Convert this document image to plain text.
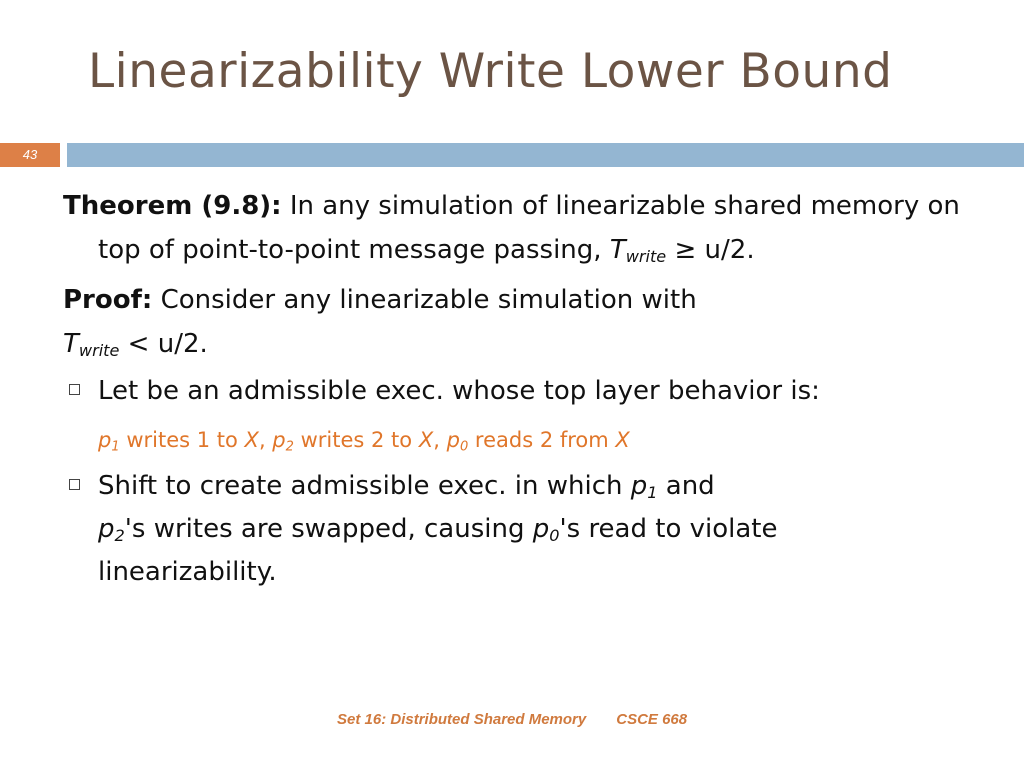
Linearizability Write Lower Bound
43

Theorem (9.8): In any simulation of linearizable shared memory on top of point-to-point message passing, $T_{write} \ge u/2$.

Proof: Consider any linearizable simulation with
$T_{write} < u/2$.

Let be an admissible exec. whose top layer behavior is:
$p_1$ writes 1 to X, $p_2$ writes 2 to X, $p_0$ reads 2 from X
Shift to create admissible exec. in which $p_1$ and
$p_2's$ writes are swapped, causing $p_0's$ read to violate linearizability.
Set 16: Distributed Shared Memory CSCE 668
